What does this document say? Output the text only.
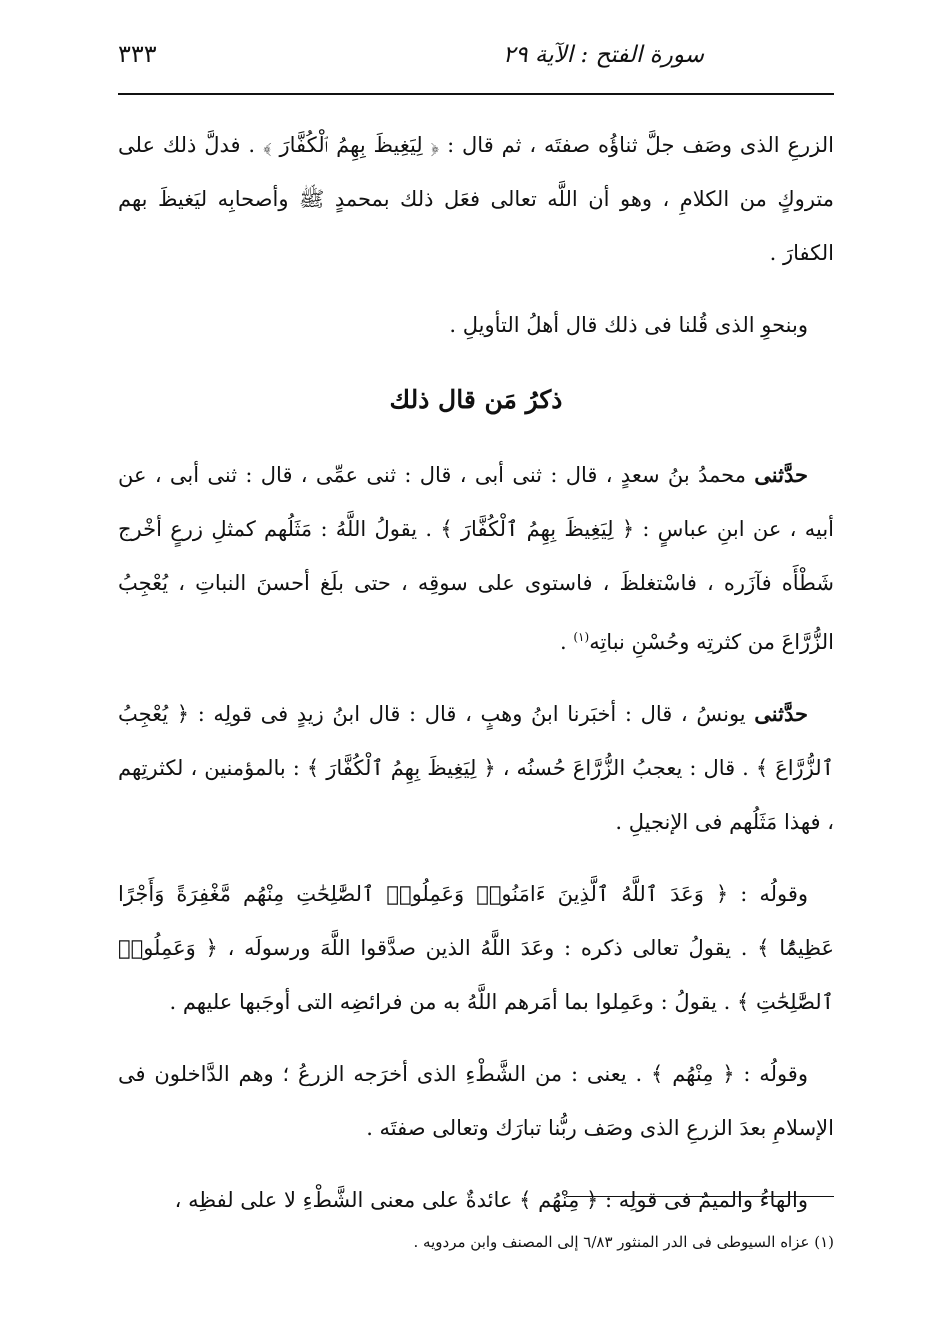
سورة الفتح : الآية ٢٩
٣٣٣

الزرعِ الذى وصَف جلَّ ثناؤُه صفتَه ، ثم قال : ﴿ لِيَغِيظَ بِهِمُ ٱلْكُفَّارَ ﴾ . فدلَّ ذلك على متروكٍ من الكلامِ ، وهو أن اللَّه تعالى فعَل ذلك بمحمدٍ ﷺ وأصحابِه ليَغيظَ بهم الكفارَ .

وبنحوِ الذى قُلنا فى ذلك قال أهلُ التأويلِ .

ذكرُ مَن قال ذلك

حدَّثنى محمدُ بنُ سعدٍ ، قال : ثنى أبى ، قال : ثنى عمِّى ، قال : ثنى أبى ، عن أبيه ، عن ابنِ عباسٍ : ﴿ لِيَغِيظَ بِهِمُ ٱلْكُفَّارَ ﴾ . يقولُ اللَّهُ : مَثَلُهم كمثلِ زرعٍ أخْرج شَطْأَه فآزَره ، فاسْتغلظَ ، فاستوى على سوقِه ، حتى بلَغ أحسنَ النباتِ ، يُعْجِبُ الزُّرَّاعَ من كثرتِه وحُسْنِ نباتِه$^{(١)}$ .

حدَّثنى يونسُ ، قال : أخبَرنا ابنُ وهبٍ ، قال : قال ابنُ زيدٍ فى قولِه : ﴿ يُعْجِبُ ٱلزُّرَّاعَ ﴾ . قال : يعجبُ الزُّرَّاعَ حُسنُه ، ﴿ لِيَغِيظَ بِهِمُ ٱلْكُفَّارَ ﴾ : بالمؤمنين ، لكثرتِهم ، فهذا مَثَلُهم فى الإنجيلِ .

وقولُه : ﴿ وَعَدَ ٱللَّهُ ٱلَّذِينَ ءَامَنُوا۟ وَعَمِلُوا۟ ٱلصَّٰلِحَٰتِ مِنْهُم مَّغْفِرَةً وَأَجْرًا عَظِيمًۢا ﴾ . يقولُ تعالى ذكره : وعَدَ اللَّهُ الذين صدَّقوا اللَّهَ ورسولَه ، ﴿ وَعَمِلُوا۟ ٱلصَّٰلِحَٰتِ ﴾ . يقولُ : وعَمِلوا بما أمَرهم اللَّهُ به من فرائضِه التى أوجَبها عليهم .

وقولُه : ﴿ مِنْهُم ﴾ . يعنى : من الشَّطْءِ الذى أخرَجه الزرعُ ؛ وهم الدَّاخلون فى الإسلامِ بعدَ الزرعِ الذى وصَف ربُّنا تبارَك وتعالى صفتَه .

والهاءُ والميمُ فى قولِه : ﴿ مِنْهُم ﴾ عائدةٌ على معنى الشَّطْءِ لا على لفظِه ،

(١) عزاه السيوطى فى الدر المنثور ٦/٨٣ إلى المصنف وابن مردويه .
